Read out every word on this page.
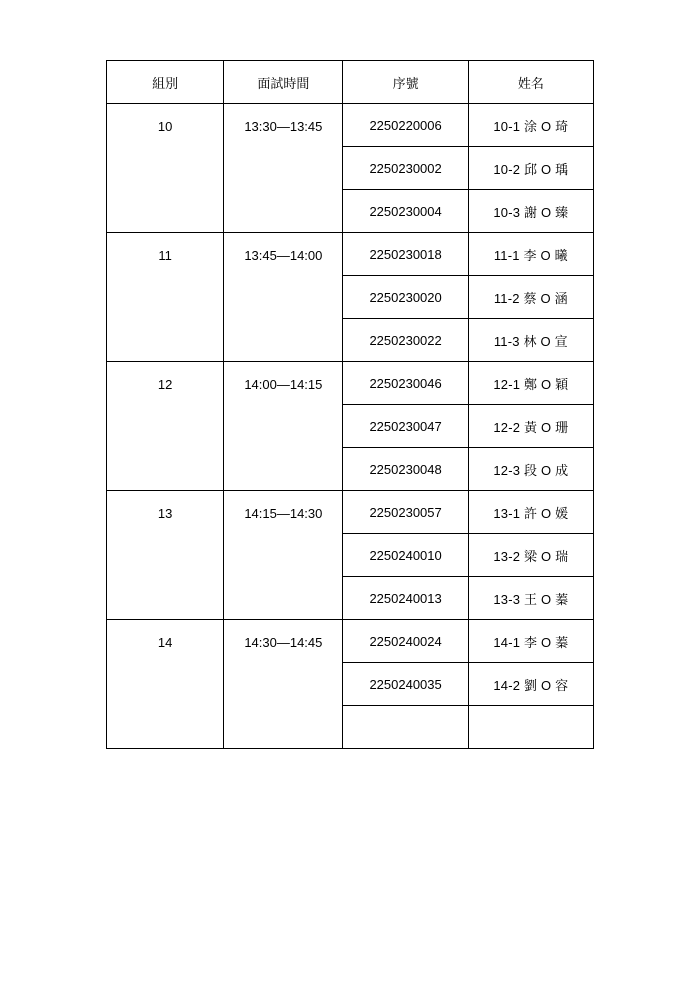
組別	面試時間	序號	姓名
10	13:30—13:45	2250220006	10-1 涂 O 琦
		2250230002	10-2 邱 O 瑀
		2250230004	10-3 謝 O 臻
11	13:45—14:00	2250230018	11-1 李 O 曦
		2250230020	11-2 蔡 O 涵
		2250230022	11-3 林 O 宣
12	14:00—14:15	2250230046	12-1 鄭 O 穎
		2250230047	12-2 黃 O 珊
		2250230048	12-3 段 O 成
13	14:15—14:30	2250230057	13-1 許 O 媛
		2250240010	13-2 梁 O 瑞
		2250240013	13-3 王 O 蓁
14	14:30—14:45	2250240024	14-1 李 O 蓁
		2250240035	14-2 劉 O 容
